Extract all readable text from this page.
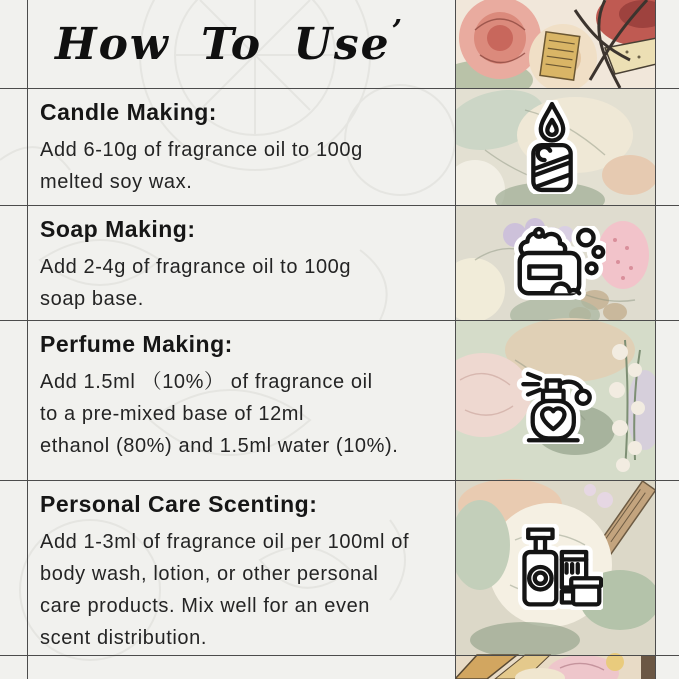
How To Use’
Candle Making:

Add 6-10g of fragrance oil to 100g

melted soy wax.

Soap Making:

Add 2-4g of fragrance oil to 100g

soap base.

Perfume Making:

Add 1.5ml （10%） of fragrance oil

to a pre-mixed base of 12ml

ethanol (80%) and 1.5ml water (10%).

Personal Care Scenting:

Add 1-3ml of fragrance oil per 100ml of

body wash, lotion, or other personal

care products. Mix well for an even

scent distribution.
